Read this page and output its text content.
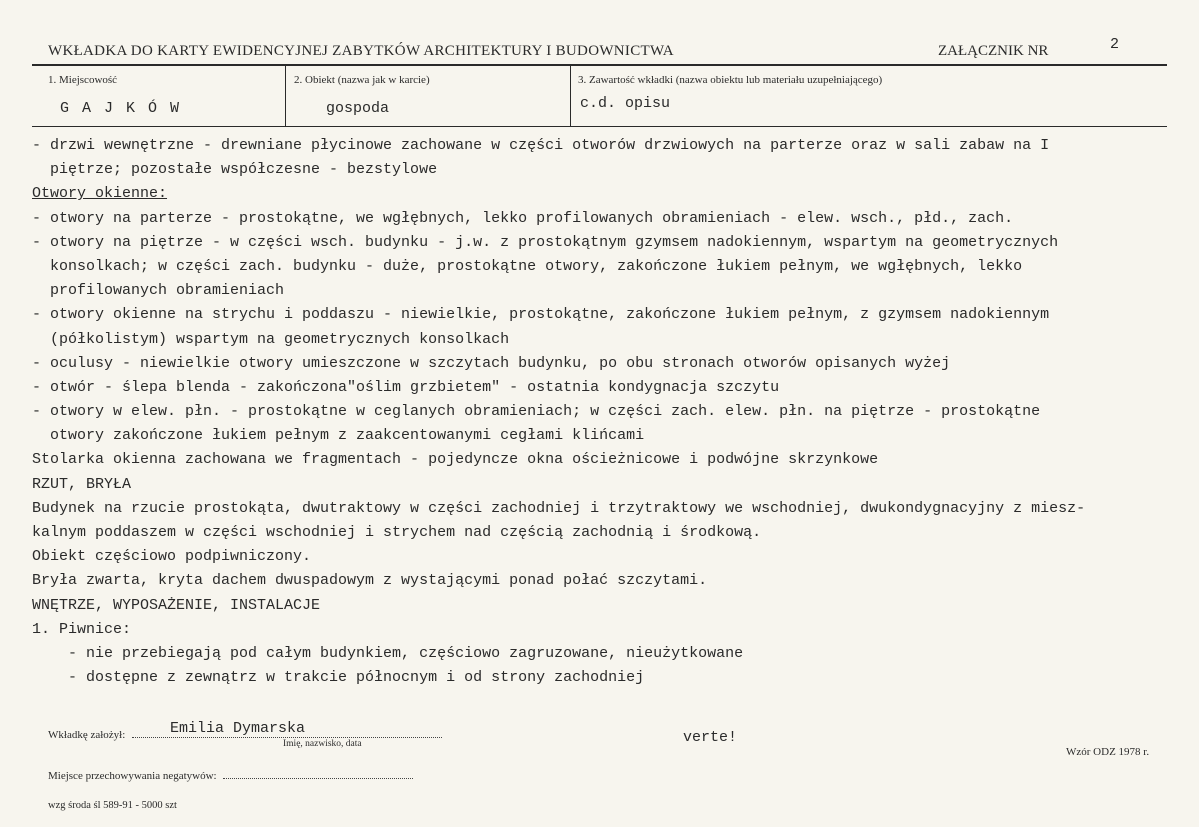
WKŁADKA DO KARTY EWIDENCYJNEJ ZABYTKÓW ARCHITEKTURY I BUDOWNICTWA	ZAŁĄCZNIK NR	2
1. Miejscowość
G A J K Ó W
2. Obiekt (nazwa jak w karcie)
gospoda
3. Zawartość wkładki (nazwa obiektu lub materiału uzupełniającego)
c.d. opisu
- drzwi wewnętrzne - drewniane płycinowe zachowane w części otworów drzwiowych na parterze oraz w sali zabaw na I
piętrze; pozostałe współczesne - bezstylowe
Otwory okienne:
- otwory na parterze - prostokątne, we wgłębnych, lekko profilowanych obramieniach - elew. wsch., płd., zach.
- otwory na piętrze - w części wsch. budynku - j.w. z prostokątnym gzymsem nadokiennym, wspartym na geometrycznych
konsolkach; w części zach. budynku - duże, prostokątne otwory, zakończone łukiem pełnym, we wgłębnych, lekko
profilowanych obramieniach
- otwory okienne na strychu i poddaszu - niewielkie, prostokątne, zakończone łukiem pełnym, z gzymsem nadokiennym
(półkolistym) wspartym na geometrycznych konsolkach
- oculusy - niewielkie otwory umieszczone w szczytach budynku, po obu stronach otworów opisanych wyżej
- otwór - ślepa blenda - zakończona"oślim grzbietem" - ostatnia kondygnacja szczytu
- otwory w elew. płn. - prostokątne w ceglanych obramieniach; w części zach. elew. płn. na piętrze - prostokątne
otwory zakończone łukiem pełnym z zaakcentowanymi cegłami klińcami
Stolarka okienna zachowana we fragmentach - pojedyncze okna ościeżnicowe i podwójne skrzynkowe
RZUT, BRYŁA
Budynek na rzucie prostokąta, dwutraktowy w części zachodniej i trzytraktowy we wschodniej, dwukondygnacyjny z miesz-
kalnym poddaszem w części wschodniej i strychem nad częścią zachodnią i środkową.
Obiekt częściowo podpiwniczony.
Bryła zwarta, kryta dachem dwuspadowym z wystającymi ponad połać szczytami.
WNĘTRZE, WYPOSAŻENIE, INSTALACJE
1. Piwnice:
- nie przebiegają pod całym budynkiem, częściowo zagruzowane, nieużytkowane
- dostępne z zewnątrz w trakcie północnym i od strony zachodniej
Wkładkę założył:	Emilia Dymarska
Imię, nazwisko, data	verte!
Wzór ODZ 1978 r.
Miejsce przechowywania negatywów:
wzg środa śl 589-91 - 5000 szt
